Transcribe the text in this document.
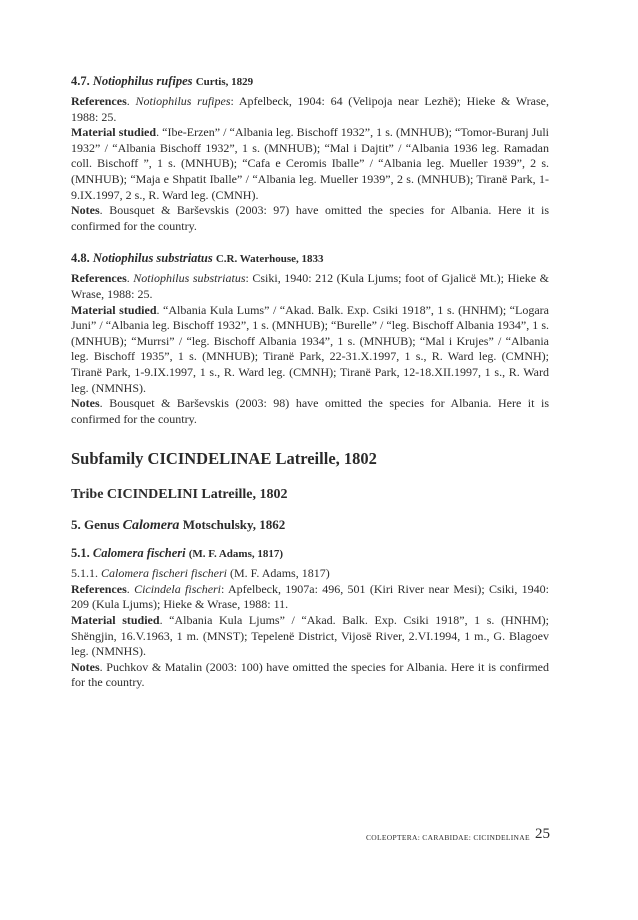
4.7. Notiophilus rufipes Curtis, 1829

References. Notiophilus rufipes: Apfelbeck, 1904: 64 (Velipoja near Lezhë); Hieke & Wrase, 1988: 25.

Material studied. “Ibe-Erzen” / “Albania leg. Bischoff 1932”, 1 s. (MNHUB); “Tomor-Buranj Juli 1932” / “Albania Bischoff 1932”, 1 s. (MNHUB); “Mal i Dajtit” / “Albania 1936 leg. Ramadan coll. Bischoff ”, 1 s. (MNHUB); “Cafa e Ceromis Iballe” / “Albania leg. Mueller 1939”, 2 s. (MNHUB); “Maja e Shpatit Iballe” / “Albania leg. Mueller 1939”, 2 s. (MNHUB); Tiranë Park, 1-9.IX.1997, 2 s., R. Ward leg. (CMNH).

Notes. Bousquet & Barševskis (2003: 97) have omitted the species for Albania. Here it is confirmed for the country.

4.8. Notiophilus substriatus C.R. Waterhouse, 1833

References. Notiophilus substriatus: Csiki, 1940: 212 (Kula Ljums; foot of Gjalicë Mt.); Hieke & Wrase, 1988: 25.

Material studied. “Albania Kula Lums” / “Akad. Balk. Exp. Csiki 1918”, 1 s. (HNHM); “Logara Juni” / “Albania leg. Bischoff 1932”, 1 s. (MNHUB); “Burelle” / “leg. Bischoff Albania 1934”, 1 s. (MNHUB); “Murrsi” / “leg. Bischoff Albania 1934”, 1 s. (MNHUB); “Mal i Krujes” / “Albania leg. Bischoff 1935”, 1 s. (MNHUB); Tiranë Park, 22-31.X.1997, 1 s., R. Ward leg. (CMNH); Tiranë Park, 1-9.IX.1997, 1 s., R. Ward leg. (CMNH); Tiranë Park, 12-18.XII.1997, 1 s., R. Ward leg. (NMNHS).

Notes. Bousquet & Barševskis (2003: 98) have omitted the species for Albania. Here it is confirmed for the country.

Subfamily CICINDELINAE Latreille, 1802

Tribe CICINDELINI Latreille, 1802

5. Genus Calomera Motschulsky, 1862

5.1. Calomera fischeri (M. F. Adams, 1817)

5.1.1. Calomera fischeri fischeri (M. F. Adams, 1817)

References. Cicindela fischeri: Apfelbeck, 1907a: 496, 501 (Kiri River near Mesi); Csiki, 1940: 209 (Kula Ljums); Hieke & Wrase, 1988: 11.

Material studied. “Albania Kula Ljums” / “Akad. Balk. Exp. Csiki 1918”, 1 s. (HNHM); Shëngjin, 16.V.1963, 1 m. (MNST); Tepelenë District, Vijosë River, 2.VI.1994, 1 m., G. Blagoev leg. (NMNHS).

Notes. Puchkov & Matalin (2003: 100) have omitted the species for Albania. Here it is confirmed for the country.

COLEOPTERA: CARABIDAE: CICINDELINAE 25
